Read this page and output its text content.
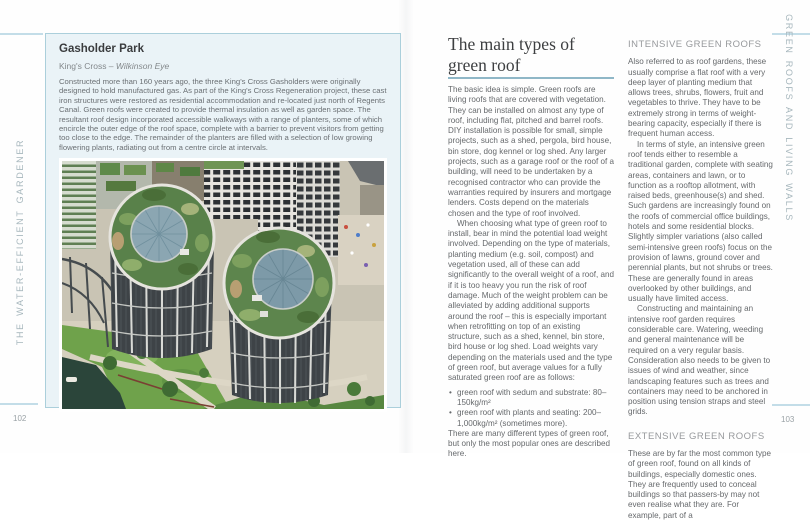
THE WATER-EFFICIENT GARDENER
GREEN ROOFS AND LIVING WALLS
102	103
Gasholder Park

King's Cross – Wilkinson Eye

Constructed more than 160 years ago, the three King's Cross Gasholders were originally designed to hold manufactured gas. As part of the King's Cross Regeneration project, these cast iron structures were restored as residential accommodation and re-located just north of Regents Canal. Green roofs were created to provide thermal insulation as well as garden space. The resultant roof design incorporated accessible walkways with a range of planters, some of which encircle the outer edge of the roof space, complete with a barrier to prevent visitors from getting too close to the edge. The remainder of the planters are filled with a selection of low growing flowering plants, radiating out from a centre circle at intervals.

The main types of green roof

The basic idea is simple. Green roofs are living roofs that are covered with vegetation. They can be installed on almost any type of roof, including flat, pitched and barrel roofs. DIY installation is possible for small, simple projects, such as a shed, pergola, bird house, bin store, dog kennel or log shed. Any larger projects, such as a garage roof or the roof of a building, will need to be undertaken by a recognised contractor who can provide the warranties required by insurers and mortgage lenders. Costs depend on the materials chosen and the type of roof involved.

When choosing what type of green roof to install, bear in mind the potential load weight involved. Depending on the type of materials, planting medium (e.g. soil, compost) and vegetation used, all of these can add significantly to the overall weight of a roof, and if it is too heavy you run the risk of roof damage. Much of the weight problem can be alleviated by adding additional supports around the roof – this is especially important when retrofitting on top of an existing structure, such as a shed, kennel, bin store, bird house or log shed. Load weights vary depending on the materials used and the type of green roof, but average values for a fully saturated green roof are as follows:

• green roof with sedum and substrate: 80–150kg/m²
• green roof with plants and seating: 200–1,000kg/m² (sometimes more).

There are many different types of green roof, but only the most popular ones are described here.

INTENSIVE GREEN ROOFS

Also referred to as roof gardens, these usually comprise a flat roof with a very deep layer of planting medium that allows trees, shrubs, flowers, fruit and vegetables to thrive. They have to be extremely strong in terms of weight-bearing capacity, especially if there is frequent human access.

In terms of style, an intensive green roof tends either to resemble a traditional garden, complete with seating areas, containers and lawn, or to function as a rooftop allotment, with raised beds, greenhouse(s) and shed. Such gardens are increasingly found on the roofs of commercial office buildings, hotels and some residential blocks. Slightly simpler variations (also called semi-intensive green roofs) focus on the provision of lawns, ground cover and perennial plants, but not shrubs or trees. These are generally found in areas overlooked by other buildings, and usually have limited access.

Constructing and maintaining an intensive roof garden requires considerable care. Watering, weeding and general maintenance will be required on a very regular basis. Consideration also needs to be given to issues of wind and weather, since landscaping features such as trees and containers may need to be anchored in position using tension straps and steel grids.

EXTENSIVE GREEN ROOFS

These are by far the most common type of green roof, found on all kinds of buildings, especially domestic ones. They are frequently used to conceal buildings so that passers-by may not even realise what they are. For example, part of a
